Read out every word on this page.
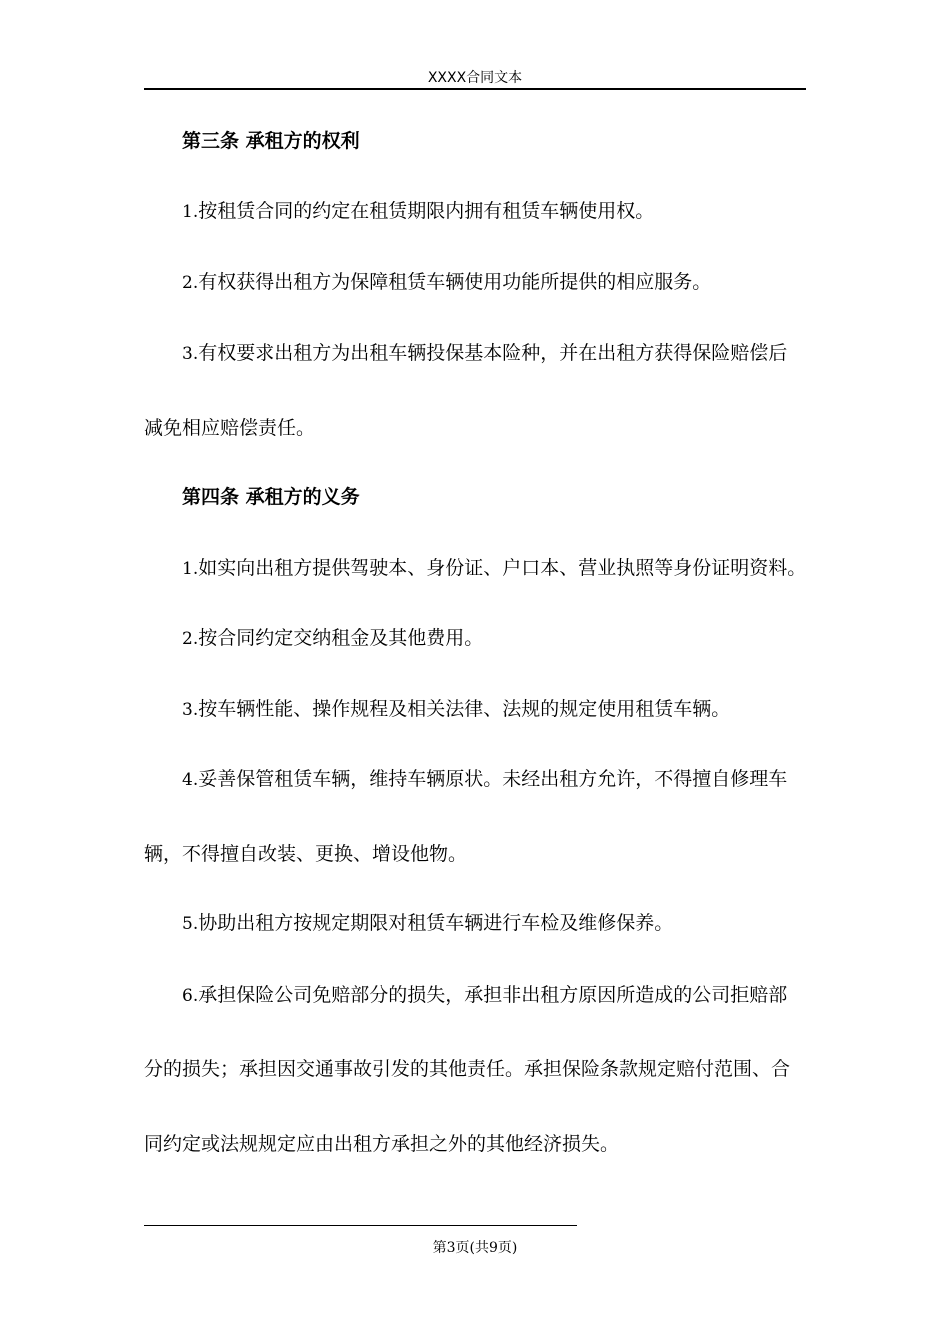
XXXX合同文本
第三条 承租方的权利
1.按租赁合同的约定在租赁期限内拥有租赁车辆使用权。
2.有权获得出租方为保障租赁车辆使用功能所提供的相应服务。
3.有权要求出租方为出租车辆投保基本险种，并在出租方获得保险赔偿后
减免相应赔偿责任。
第四条 承租方的义务
1.如实向出租方提供驾驶本、身份证、户口本、营业执照等身份证明资料。
2.按合同约定交纳租金及其他费用。
3.按车辆性能、操作规程及相关法律、法规的规定使用租赁车辆。
4.妥善保管租赁车辆，维持车辆原状。未经出租方允许，不得擅自修理车
辆，不得擅自改装、更换、增设他物。
5.协助出租方按规定期限对租赁车辆进行车检及维修保养。
6.承担保险公司免赔部分的损失，承担非出租方原因所造成的公司拒赔部
分的损失；承担因交通事故引发的其他责任。承担保险条款规定赔付范围、合
同约定或法规规定应由出租方承担之外的其他经济损失。
第3页(共9页)
